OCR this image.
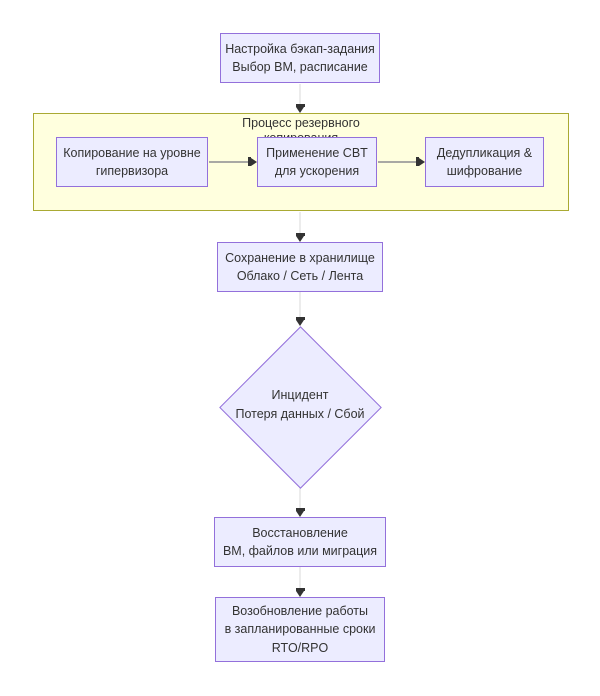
Настройка бэкап-задания
Выбор ВМ, расписание
Процесс резервного
Копирование на уровне
гипервизора
Применение CBT
для ускорения
Дедупликация &
шифрование
Сохранение в хранилище
Облако / Сеть / Лента
Инцидент
Потеря данных / Сбой
Восстановление
ВМ, файлов или миграция
Возобновление работы
в запланированные сроки
RTO/RPO
